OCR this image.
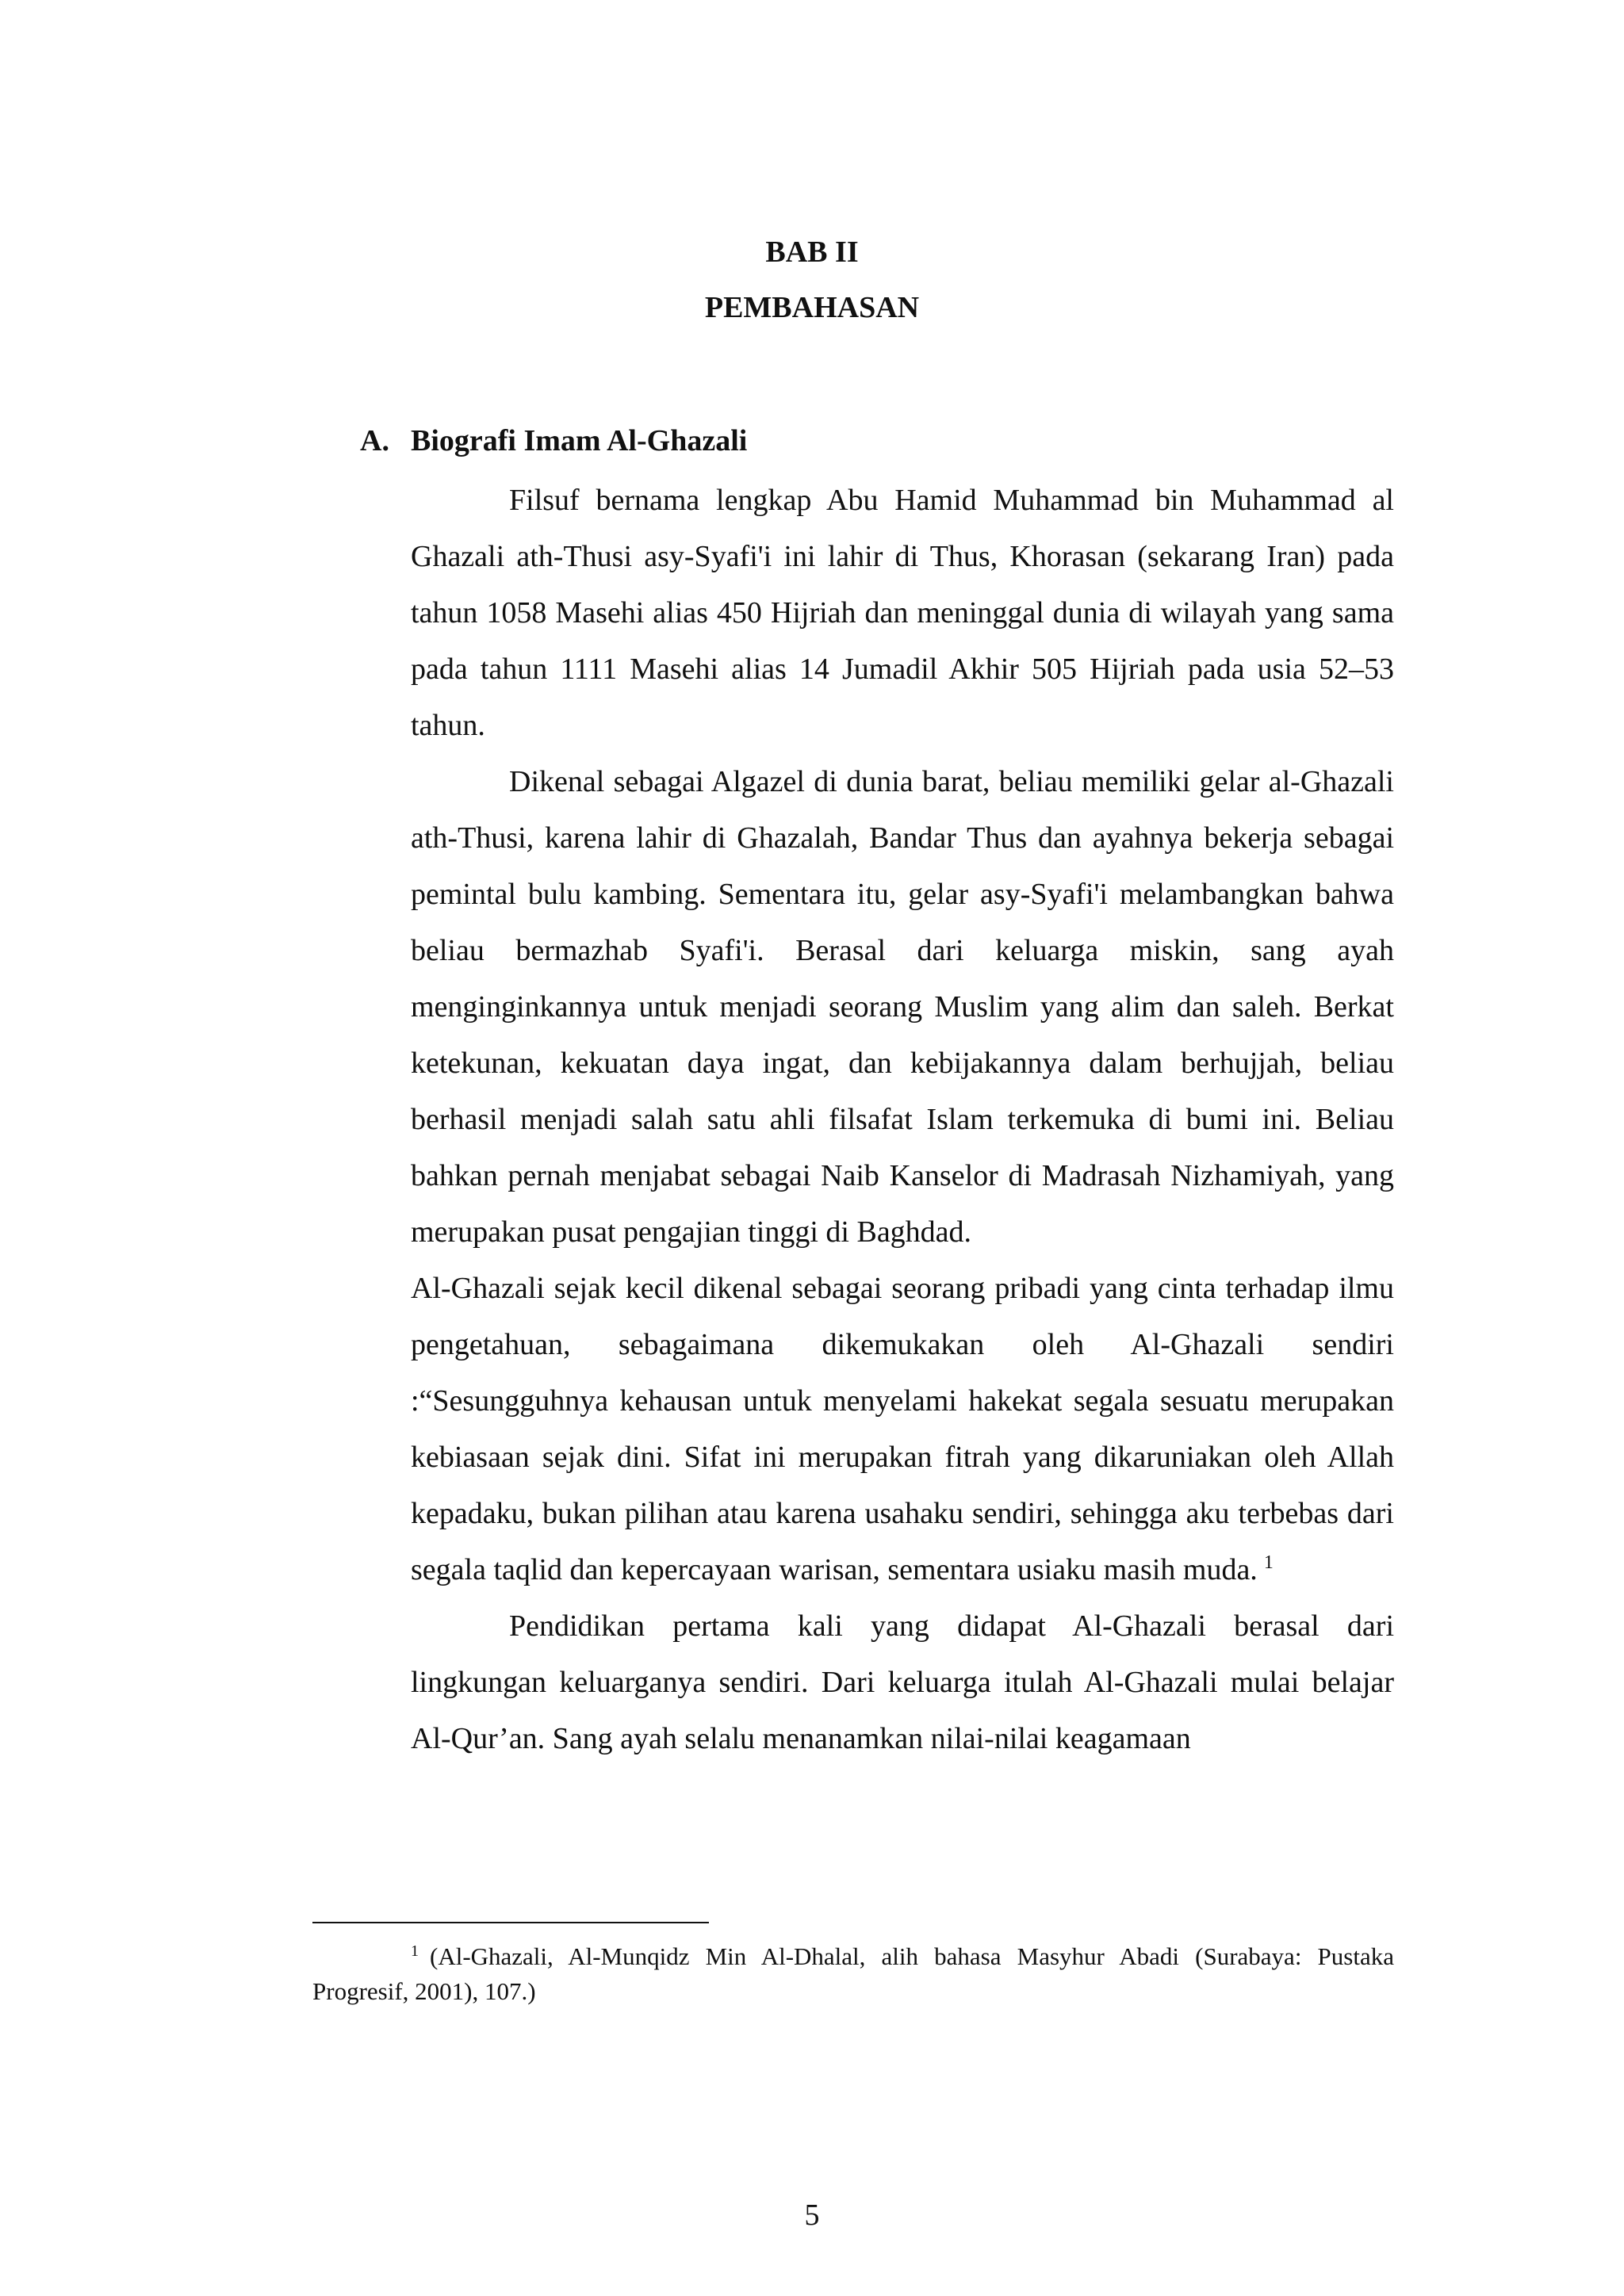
BAB II
PEMBAHASAN
A. Biografi Imam Al-Ghazali

Filsuf bernama lengkap Abu Hamid Muhammad bin Muhammad al Ghazali ath-Thusi asy-Syafi'i ini lahir di Thus, Khorasan (sekarang Iran) pada tahun 1058 Masehi alias 450 Hijriah dan meninggal dunia di wilayah yang sama pada tahun 1111 Masehi alias 14 Jumadil Akhir 505 Hijriah pada usia 52–53 tahun.

Dikenal sebagai Algazel di dunia barat, beliau memiliki gelar al-Ghazali ath-Thusi, karena lahir di Ghazalah, Bandar Thus dan ayahnya bekerja sebagai pemintal bulu kambing. Sementara itu, gelar asy-Syafi'i melambangkan bahwa beliau bermazhab Syafi'i. Berasal dari keluarga miskin, sang ayah menginginkannya untuk menjadi seorang Muslim yang alim dan saleh. Berkat ketekunan, kekuatan daya ingat, dan kebijakannya dalam berhujjah, beliau berhasil menjadi salah satu ahli filsafat Islam terkemuka di bumi ini. Beliau bahkan pernah menjabat sebagai Naib Kanselor di Madrasah Nizhamiyah, yang merupakan pusat pengajian tinggi di Baghdad.

Al-Ghazali sejak kecil dikenal sebagai seorang pribadi yang cinta terhadap ilmu pengetahuan, sebagaimana dikemukakan oleh Al-Ghazali sendiri :“Sesungguhnya kehausan untuk menyelami hakekat segala sesuatu merupakan kebiasaan sejak dini. Sifat ini merupakan fitrah yang dikaruniakan oleh Allah kepadaku, bukan pilihan atau karena usahaku sendiri, sehingga aku terbebas dari segala taqlid dan kepercayaan warisan, sementara usiaku masih muda. $^1$

Pendidikan pertama kali yang didapat Al-Ghazali berasal dari lingkungan keluarganya sendiri. Dari keluarga itulah Al-Ghazali mulai belajar Al-Qur’an. Sang ayah selalu menanamkan nilai-nilai keagamaan

$^1$ (Al-Ghazali, Al-Munqidz Min Al-Dhalal, alih bahasa Masyhur Abadi (Surabaya: Pustaka Progresif, 2001), 107.)

5
